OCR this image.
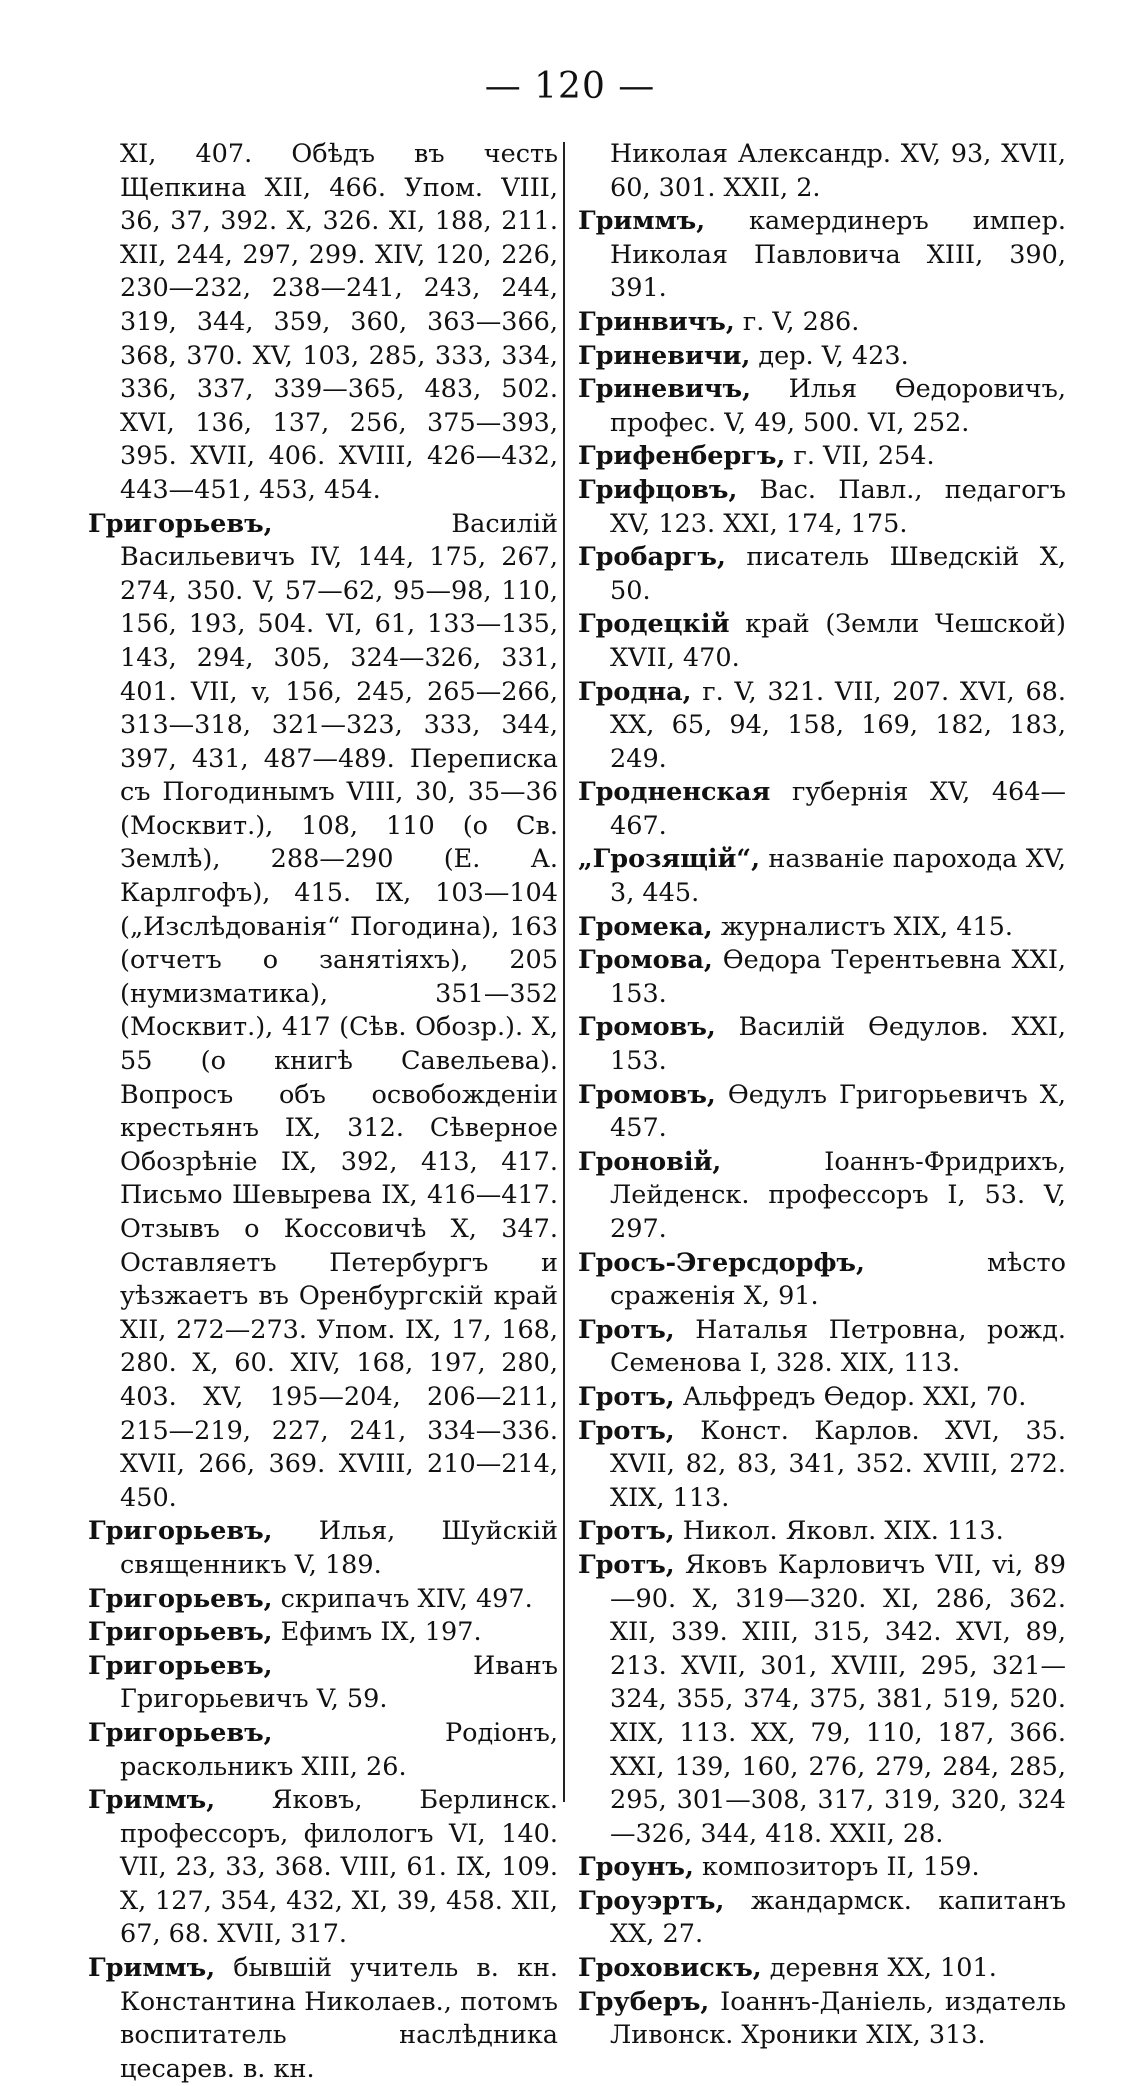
— 120 —

XI, 407. Обѣдъ въ честь Щепкина XII, 466. Упом. VIII, 36, 37, 392. X, 326. XI, 188, 211. XII, 244, 297, 299. XIV, 120, 226, 230—232, 238—241, 243, 244, 319, 344, 359, 360, 363—366, 368, 370. XV, 103, 285, 333, 334, 336, 337, 339—365, 483, 502. XVI, 136, 137, 256, 375—393, 395. XVII, 406. XVIII, 426—432, 443—451, 453, 454.

Григорьевъ, Василій Васильевичъ IV, 144, 175, 267, 274, 350. V, 57—62, 95—98, 110, 156, 193, 504. VI, 61, 133—135, 143, 294, 305, 324—326, 331, 401. VII, v, 156, 245, 265—266, 313—318, 321—323, 333, 344, 397, 431, 487—489. Переписка съ Погодинымъ VIII, 30, 35—36 (Москвит.), 108, 110 (о Св. Землѣ), 288—290 (Е. А. Карлгофъ), 415. IX, 103—104 („Изслѣдованія“ Погодина), 163 (отчетъ о занятіяхъ), 205 (нумизматика), 351—352 (Москвит.), 417 (Сѣв. Обозр.). X, 55 (о книгѣ Савельева). Вопросъ объ освобожденіи крестьянъ IX, 312. Сѣверное Обозрѣніе IX, 392, 413, 417. Письмо Шевырева IX, 416—417. Отзывъ о Коссовичѣ X, 347. Оставляетъ Петербургъ и уѣзжаетъ въ Оренбургскій край XII, 272—273. Упом. IX, 17, 168, 280. X, 60. XIV, 168, 197, 280, 403. XV, 195—204, 206—211, 215—219, 227, 241, 334—336. XVII, 266, 369. XVIII, 210—214, 450.

Григорьевъ, Илья, Шуйскій священникъ V, 189.

Григорьевъ, скрипачъ XIV, 497.

Григорьевъ, Ефимъ IX, 197.

Григорьевъ, Иванъ Григорьевичъ V, 59.

Григорьевъ, Родіонъ, раскольникъ XIII, 26.

Гриммъ, Яковъ, Берлинск. профессоръ, филологъ VI, 140. VII, 23, 33, 368. VIII, 61. IX, 109. X, 127, 354, 432, XI, 39, 458. XII, 67, 68. XVII, 317.

Гриммъ, бывшій учитель в. кн. Константина Николаев., потомъ воспитатель наслѣдника цесарев. в. кн.

Николая Александр. XV, 93, XVII, 60, 301. XXII, 2.

Гриммъ, камердинеръ импер. Николая Павловича XIII, 390, 391.

Гринвичъ, г. V, 286.

Гриневичи, дер. V, 423.

Гриневичъ, Илья Ѳедоровичъ, профес. V, 49, 500. VI, 252.

Грифенбергъ, г. VII, 254.

Грифцовъ, Вас. Павл., педагогъ XV, 123. XXI, 174, 175.

Гробаргъ, писатель Шведскій X, 50.

Гродецкій край (Земли Чешской) XVII, 470.

Гродна, г. V, 321. VII, 207. XVI, 68. XX, 65, 94, 158, 169, 182, 183, 249.

Гродненская губернія XV, 464—467.

„Грозящій“, названіе парохода XV, 3, 445.

Громека, журналистъ XIX, 415.

Громова, Ѳедора Терентьевна XXI, 153.

Громовъ, Василій Ѳедулов. XXI, 153.

Громовъ, Ѳедулъ Григорьевичъ X, 457.

Гроновій, Іоаннъ-Фридрихъ, Лейденск. профессоръ I, 53. V, 297.

Гросъ-Эгерсдорфъ, мѣсто сраженія X, 91.

Гротъ, Наталья Петровна, рожд. Семенова I, 328. XIX, 113.

Гротъ, Альфредъ Ѳедор. XXI, 70.

Гротъ, Конст. Карлов. XVI, 35. XVII, 82, 83, 341, 352. XVIII, 272. XIX, 113.

Гротъ, Никол. Яковл. XIX. 113.

Гротъ, Яковъ Карловичъ VII, vi, 89—90. X, 319—320. XI, 286, 362. XII, 339. XIII, 315, 342. XVI, 89, 213. XVII, 301, XVIII, 295, 321—324, 355, 374, 375, 381, 519, 520. XIX, 113. XX, 79, 110, 187, 366. XXI, 139, 160, 276, 279, 284, 285, 295, 301—308, 317, 319, 320, 324—326, 344, 418. XXII, 28.

Гроунъ, композиторъ II, 159.

Гроуэртъ, жандармск. капитанъ XX, 27.

Гроховискъ, деревня XX, 101.

Груберъ, Іоаннъ-Даніель, издатель Ливонск. Хроники XIX, 313.
